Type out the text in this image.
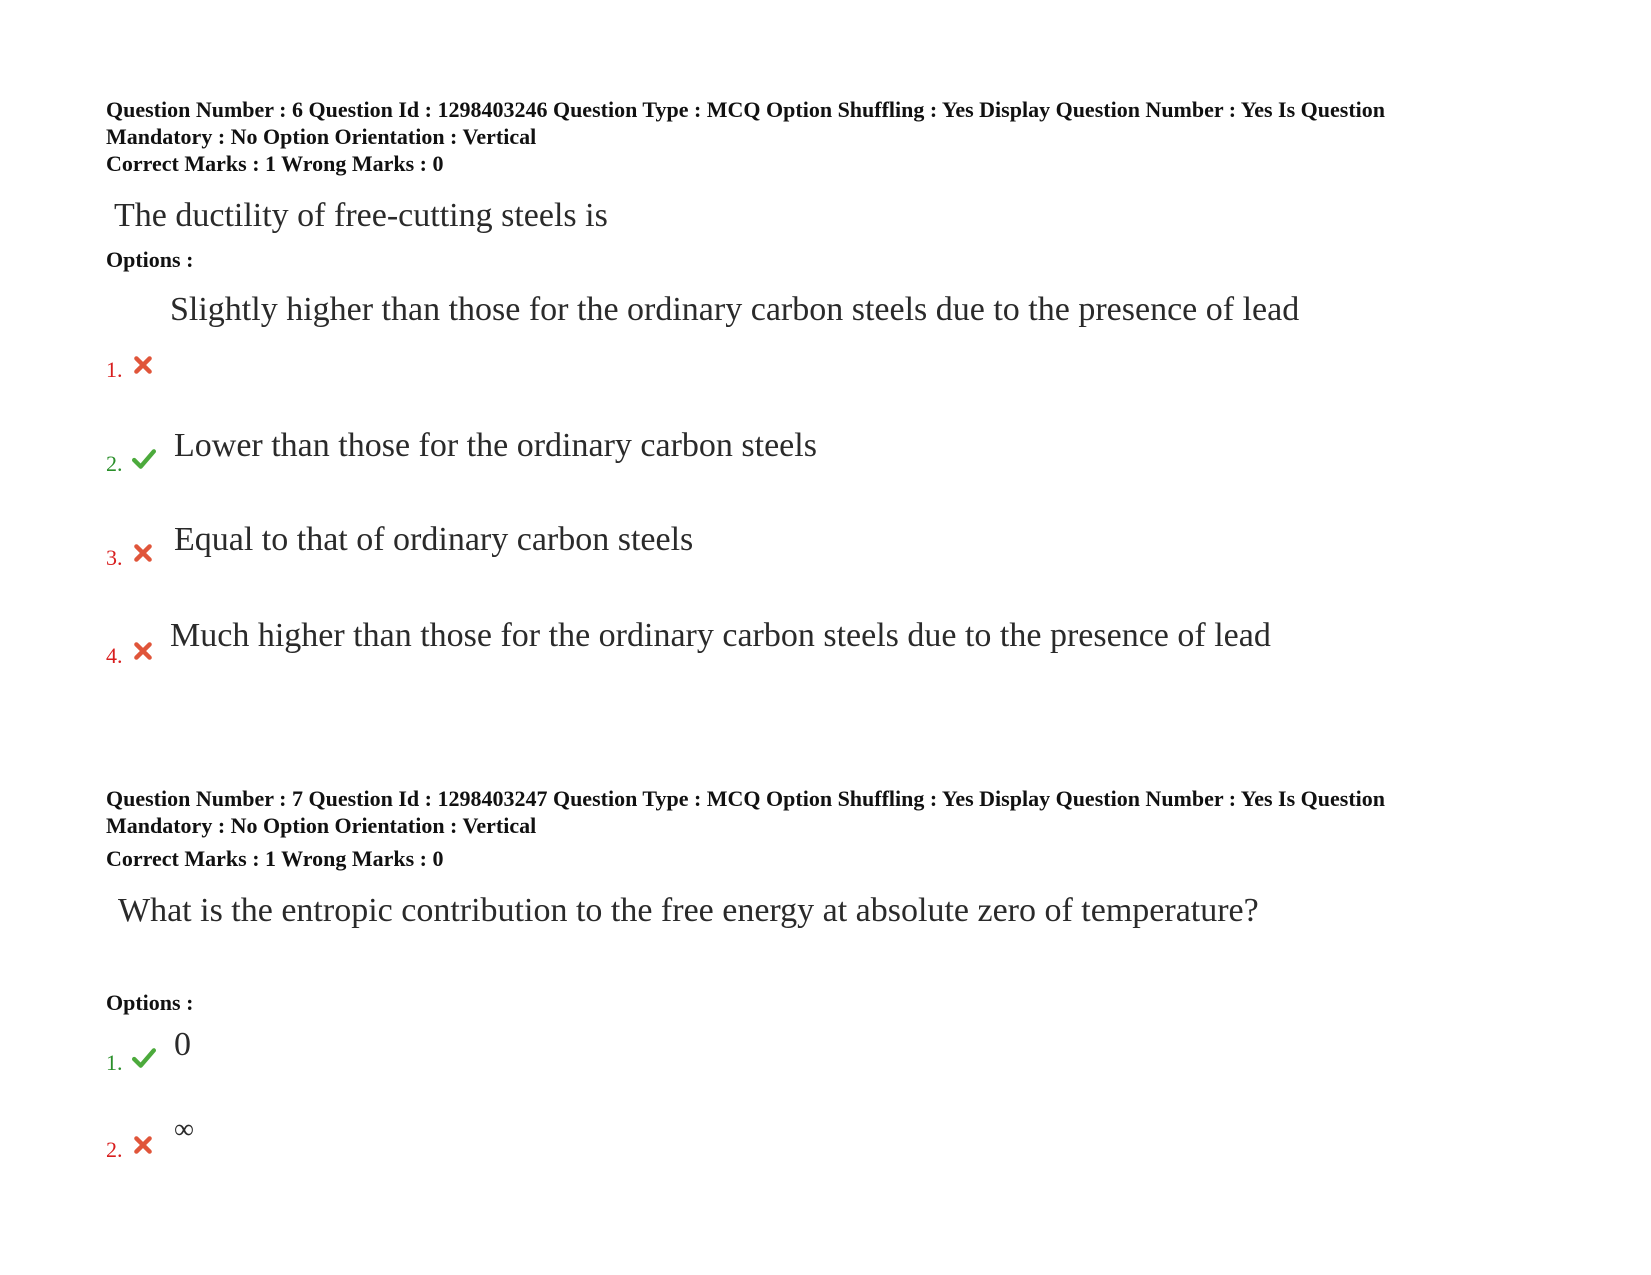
Question Number : 6 Question Id : 1298403246 Question Type : MCQ Option Shuffling : Yes Display Question Number : Yes Is Question
Mandatory : No Option Orientation : Vertical
Correct Marks : 1 Wrong Marks : 0
The ductility of free-cutting steels is
Options :
1.
Slightly higher than those for the ordinary carbon steels due to the presence of lead
2. Lower than those for the ordinary carbon steels
3. Equal to that of ordinary carbon steels
4.
Much higher than those for the ordinary carbon steels due to the presence of lead
Question Number : 7 Question Id : 1298403247 Question Type : MCQ Option Shuffling : Yes Display Question Number : Yes Is Question
Mandatory : No Option Orientation : Vertical
Correct Marks : 1 Wrong Marks : 0
What is the entropic contribution to the free energy at absolute zero of temperature?
Options :
1. 0
2.
∞
